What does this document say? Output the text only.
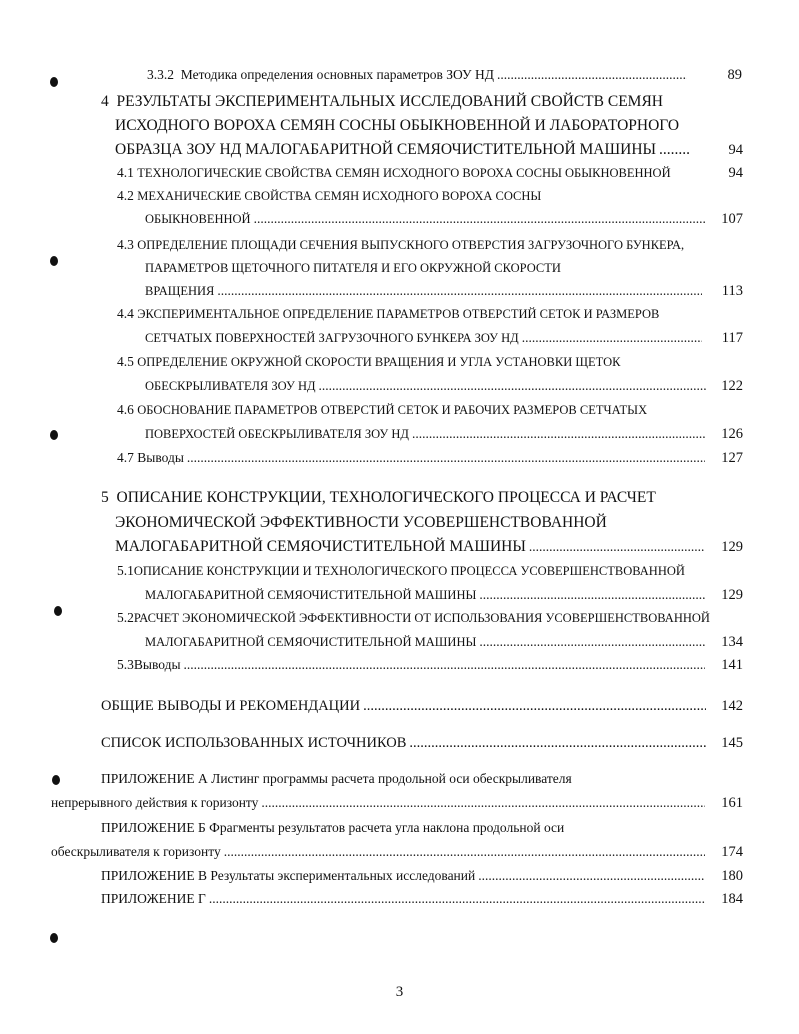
3.3.2
Методика определения основных параметров ЗОУ НД .....	89
4 РЕЗУЛЬТАТЫ ЭКСПЕРИМЕНТАЛЬНЫХ ИССЛЕДОВАНИЙ СВОЙСТВ СЕМЯН
ИСХОДНОГО ВОРОХА СЕМЯН СОСНЫ ОБЫКНОВЕННОЙ И ЛАБОРАТОРНОГО
ОБРАЗЦА ЗОУ НД МАЛОГАБАРИТНОЙ СЕМЯОЧИСТИТЕЛЬНОЙ МАШИНЫ .....	94
4.1 ТЕХНОЛОГИЧЕСКИЕ СВОЙСТВА СЕМЯН ИСХОДНОГО ВОРОХА СОСНЫ ОБЫКНОВЕННОЙ	94
4.2 МЕХАНИЧЕСКИЕ СВОЙСТВА СЕМЯН ИСХОДНОГО ВОРОХА СОСНЫ
ОБЫКНОВЕННОЙ .....	107
4.3 ОПРЕДЕЛЕНИЕ ПЛОЩАДИ СЕЧЕНИЯ ВЫПУСКНОГО ОТВЕРСТИЯ ЗАГРУЗОЧНОГО БУНКЕРА,
ПАРАМЕТРОВ ЩЕТОЧНОГО ПИТАТЕЛЯ И ЕГО ОКРУЖНОЙ СКОРОСТИ
ВРАЩЕНИЯ .....	113
4.4 ЭКСПЕРИМЕНТАЛЬНОЕ ОПРЕДЕЛЕНИЕ ПАРАМЕТРОВ ОТВЕРСТИЙ СЕТОК И РАЗМЕРОВ
СЕТЧАТЫХ ПОВЕРХНОСТЕЙ ЗАГРУЗОЧНОГО БУНКЕРА ЗОУ НД .....	117
4.5 ОПРЕДЕЛЕНИЕ ОКРУЖНОЙ СКОРОСТИ ВРАЩЕНИЯ И УГЛА УСТАНОВКИ ЩЕТОК
ОБЕСКРЫЛИВАТЕЛЯ ЗОУ НД .....	122
4.6 ОБОСНОВАНИЕ ПАРАМЕТРОВ ОТВЕРСТИЙ СЕТОК И РАБОЧИХ РАЗМЕРОВ СЕТЧАТЫХ
ПОВЕРХОСТЕЙ ОБЕСКРЫЛИВАТЕЛЯ ЗОУ НД .....	126
4.7
Выводы .....	127
5 ОПИСАНИЕ КОНСТРУКЦИИ, ТЕХНОЛОГИЧЕСКОГО ПРОЦЕССА И РАСЧЕТ
ЭКОНОМИЧЕСКОЙ ЭФФЕКТИВНОСТИ УСОВЕРШЕНСТВОВАННОЙ
МАЛОГАБАРИТНОЙ СЕМЯОЧИСТИТЕЛЬНОЙ МАШИНЫ .....	129
5.1ОПИСАНИЕ КОНСТРУКЦИИ И ТЕХНОЛОГИЧЕСКОГО ПРОЦЕССА УСОВЕРШЕНСТВОВАННОЙ
МАЛОГАБАРИТНОЙ СЕМЯОЧИСТИТЕЛЬНОЙ МАШИНЫ .....	129
5.2РАСЧЕТ ЭКОНОМИЧЕСКОЙ ЭФФЕКТИВНОСТИ ОТ ИСПОЛЬЗОВАНИЯ УСОВЕРШЕНСТВОВАННОЙ
МАЛОГАБАРИТНОЙ СЕМЯОЧИСТИТЕЛЬНОЙ МАШИНЫ .....	134
5.3 Выводы .....	141
ОБЩИЕ ВЫВОДЫ И РЕКОМЕНДАЦИИ .....	142
СПИСОК ИСПОЛЬЗОВАННЫХ ИСТОЧНИКОВ .....	145
ПРИЛОЖЕНИЕ А Листинг программы расчета продольной оси обескрыливателя
непрерывного действия к горизонту .....	161
ПРИЛОЖЕНИЕ Б Фрагменты результатов расчета угла наклона продольной оси
обескрыливателя к горизонту .....	174
ПРИЛОЖЕНИЕ В
Результаты экспериментальных исследований .....	180
ПРИЛОЖЕНИЕ Г .....	184
3
